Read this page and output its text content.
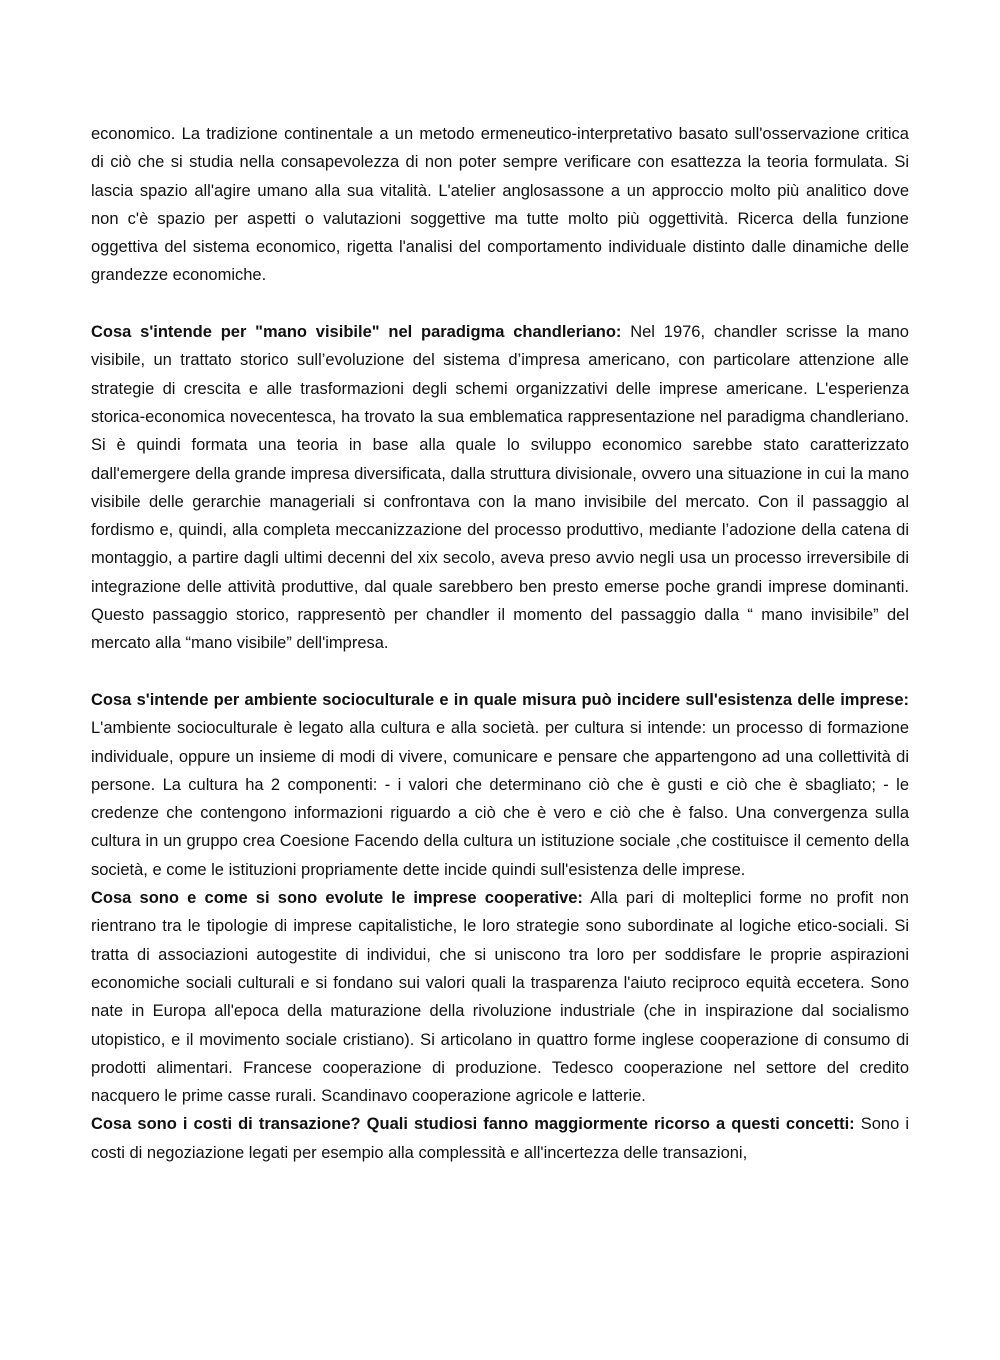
economico. La tradizione continentale a un metodo ermeneutico-interpretativo basato sull'osservazione critica di ciò che si studia nella consapevolezza di non poter sempre verificare con esattezza la teoria formulata. Si lascia spazio all'agire umano alla sua vitalità. L'atelier anglosassone a un approccio molto più analitico dove non c'è spazio per aspetti o valutazioni soggettive ma tutte molto più oggettività. Ricerca della funzione oggettiva del sistema economico, rigetta l'analisi del comportamento individuale distinto dalle dinamiche delle grandezze economiche.

Cosa s'intende per "mano visibile" nel paradigma chandleriano: Nel 1976, chandler scrisse la mano visibile, un trattato storico sull’evoluzione del sistema d’impresa americano, con particolare attenzione alle strategie di crescita e alle trasformazioni degli schemi organizzativi delle imprese americane. L'esperienza storica-economica novecentesca, ha trovato la sua emblematica rappresentazione nel paradigma chandleriano. Si è quindi formata una teoria in base alla quale lo sviluppo economico sarebbe stato caratterizzato dall'emergere della grande impresa diversificata, dalla struttura divisionale, ovvero una situazione in cui la mano visibile delle gerarchie manageriali si confrontava con la mano invisibile del mercato. Con il passaggio al fordismo e, quindi, alla completa meccanizzazione del processo produttivo, mediante l’adozione della catena di montaggio, a partire dagli ultimi decenni del xix secolo, aveva preso avvio negli usa un processo irreversibile di integrazione delle attività produttive, dal quale sarebbero ben presto emerse poche grandi imprese dominanti. Questo passaggio storico, rappresentò per chandler il momento del passaggio dalla “ mano invisibile” del mercato alla “mano visibile” dell'impresa.

Cosa s'intende per ambiente socioculturale e in quale misura può incidere sull'esistenza delle imprese: L'ambiente socioculturale è legato alla cultura e alla società. per cultura si intende: un processo di formazione individuale, oppure un insieme di modi di vivere, comunicare e pensare che appartengono ad una collettività di persone. La cultura ha 2 componenti: - i valori che determinano ciò che è gusti e ciò che è sbagliato; - le credenze che contengono informazioni riguardo a ciò che è vero e ciò che è falso. Una convergenza sulla cultura in un gruppo crea Coesione Facendo della cultura un istituzione sociale ,che costituisce il cemento della società, e come le istituzioni propriamente dette incide quindi sull'esistenza delle imprese.

Cosa sono e come si sono evolute le imprese cooperative: Alla pari di molteplici forme no profit non rientrano tra le tipologie di imprese capitalistiche, le loro strategie sono subordinate al logiche etico-sociali. Si tratta di associazioni autogestite di individui, che si uniscono tra loro per soddisfare le proprie aspirazioni economiche sociali culturali e si fondano sui valori quali la trasparenza l'aiuto reciproco equità eccetera. Sono nate in Europa all'epoca della maturazione della rivoluzione industriale (che in inspirazione dal socialismo utopistico, e il movimento sociale cristiano). Si articolano in quattro forme inglese cooperazione di consumo di prodotti alimentari. Francese cooperazione di produzione. Tedesco cooperazione nel settore del credito nacquero le prime casse rurali. Scandinavo cooperazione agricole e latterie.

Cosa sono i costi di transazione? Quali studiosi fanno maggiormente ricorso a questi concetti: Sono i costi di negoziazione legati per esempio alla complessità e all'incertezza delle transazioni,
